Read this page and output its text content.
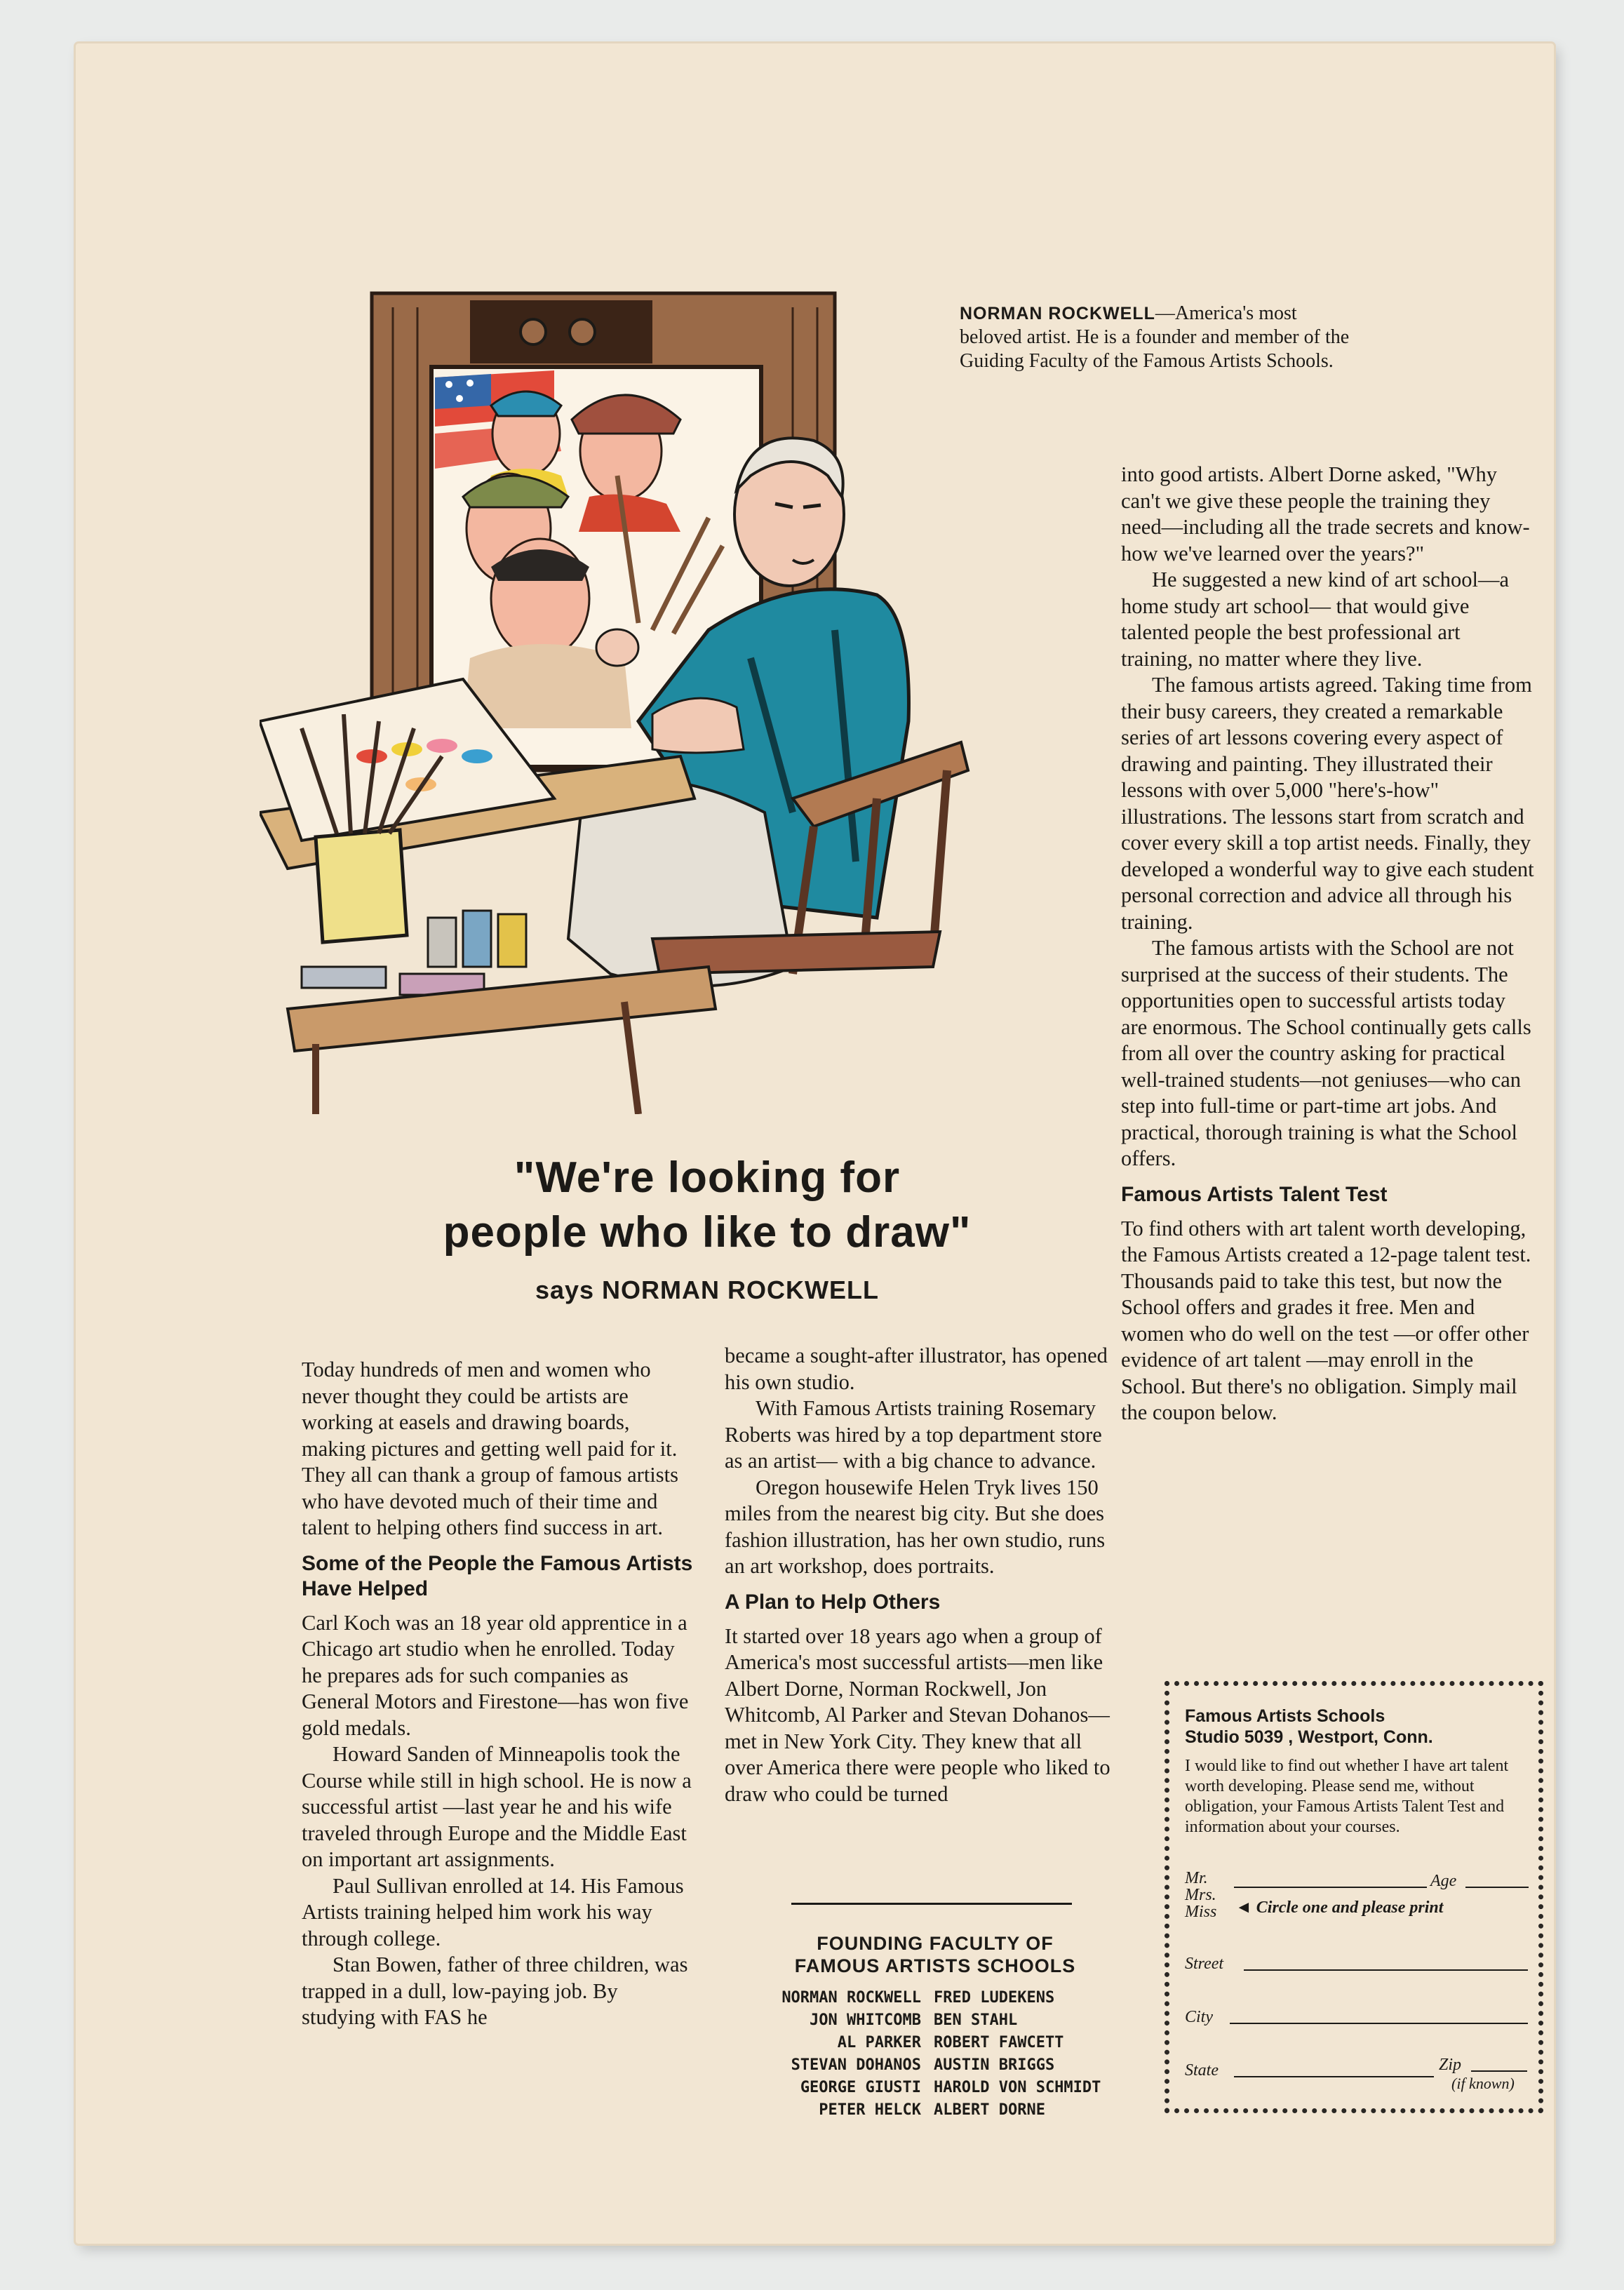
NORMAN ROCKWELL—America's most beloved artist. He is a founder and member of the Guiding Faculty of the Famous Artists Schools.
"We're looking for
people who like to draw"
says NORMAN ROCKWELL

Today hundreds of men and women who never thought they could be artists are working at easels and drawing boards, making pictures and getting well paid for it. They all can thank a group of famous artists who have devoted much of their time and talent to helping others find success in art.

Some of the People the Famous Artists Have Helped

Carl Koch was an 18 year old apprentice in a Chicago art studio when he enrolled. Today he prepares ads for such companies as General Motors and Firestone—has won five gold medals.

Howard Sanden of Minneapolis took the Course while still in high school. He is now a successful artist —last year he and his wife traveled through Europe and the Middle East on important art assignments.

Paul Sullivan enrolled at 14. His Famous Artists training helped him work his way through college.

Stan Bowen, father of three children, was trapped in a dull, low-paying job. By studying with FAS he

became a sought-after illustrator, has opened his own studio.

With Famous Artists training Rosemary Roberts was hired by a top department store as an artist— with a big chance to advance.

Oregon housewife Helen Tryk lives 150 miles from the nearest big city. But she does fashion illustration, has her own studio, runs an art workshop, does portraits.

A Plan to Help Others

It started over 18 years ago when a group of America's most successful artists—men like Albert Dorne, Norman Rockwell, Jon Whitcomb, Al Parker and Stevan Dohanos—met in New York City. They knew that all over America there were people who liked to draw who could be turned

FOUNDING FACULTY OF
FAMOUS ARTISTS SCHOOLS
NORMAN ROCKWELL FRED LUDEKENS
JON WHITCOMB BEN STAHL
AL PARKER ROBERT FAWCETT
STEVAN DOHANOS AUSTIN BRIGGS
GEORGE GIUSTI HAROLD VON SCHMIDT
PETER HELCK ALBERT DORNE

into good artists. Albert Dorne asked, "Why can't we give these people the training they need—including all the trade secrets and know-how we've learned over the years?"

He suggested a new kind of art school—a home study art school— that would give talented people the best professional art training, no matter where they live.

The famous artists agreed. Taking time from their busy careers, they created a remarkable series of art lessons covering every aspect of drawing and painting. They illustrated their lessons with over 5,000 "here's-how" illustrations. The lessons start from scratch and cover every skill a top artist needs. Finally, they developed a wonderful way to give each student personal correction and advice all through his training.

The famous artists with the School are not surprised at the success of their students. The opportunities open to successful artists today are enormous. The School continually gets calls from all over the country asking for practical well-trained students—not geniuses—who can step into full-time or part-time art jobs. And practical, thorough training is what the School offers.

Famous Artists Talent Test

To find others with art talent worth developing, the Famous Artists created a 12-page talent test. Thousands paid to take this test, but now the School offers and grades it free. Men and women who do well on the test —or offer other evidence of art talent —may enroll in the School. But there's no obligation. Simply mail the coupon below.

Famous Artists Schools
Studio 5039 , Westport, Conn.
I would like to find out whether I have art talent worth developing. Please send me, without obligation, your Famous Artists Talent Test and information about your courses.
Mr.
Mrs.
Miss
Age
◄ Circle one and please print
Street
City
State	Zip
(if known)
